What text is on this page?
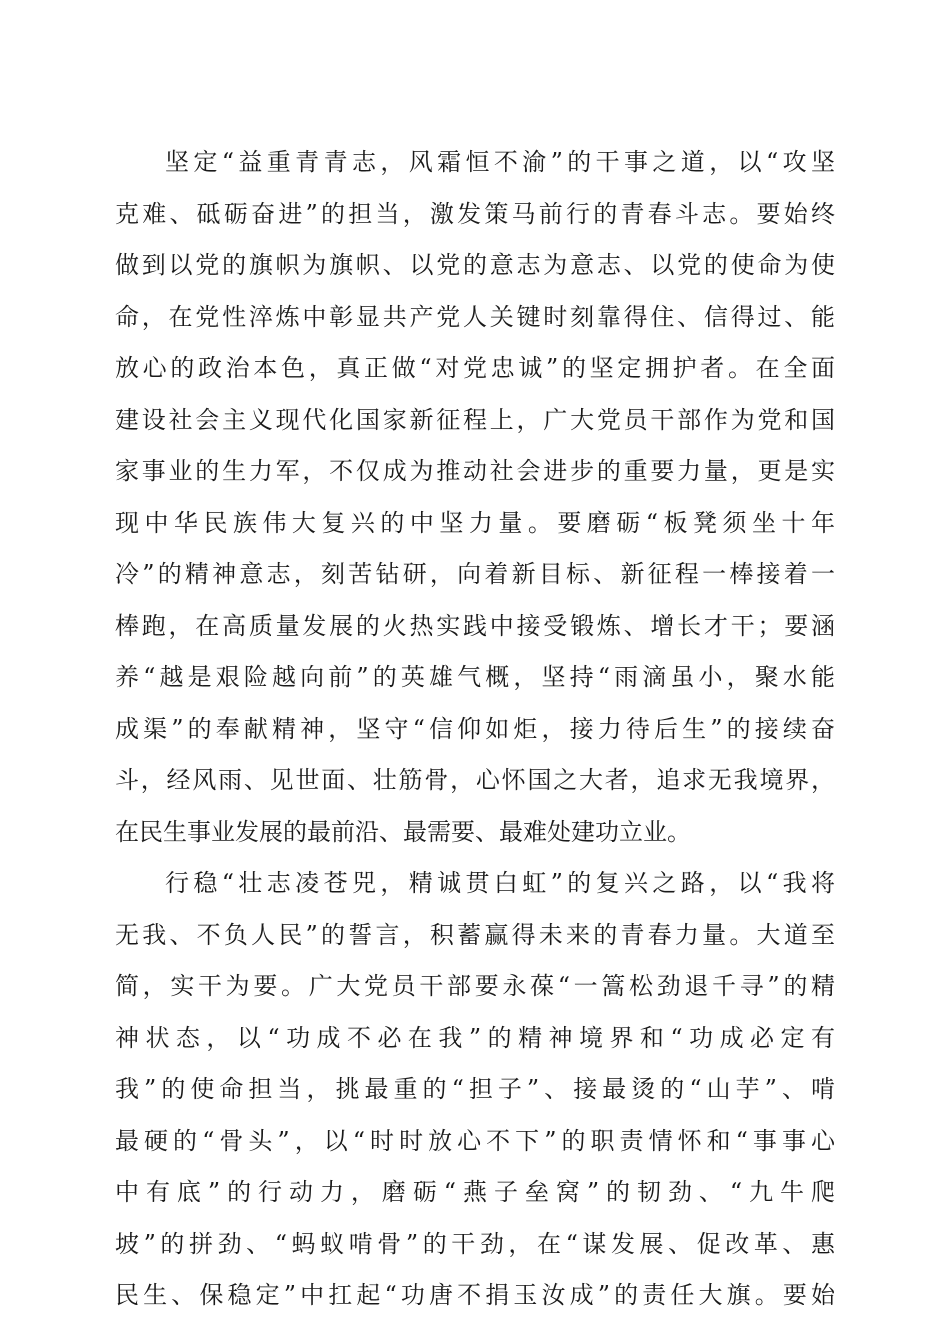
坚定“益重青青志，风霜恒不渝”的干事之道，以“攻坚
克难、砥砺奋进”的担当，激发策马前行的青春斗志。要始终
做到以党的旗帜为旗帜、以党的意志为意志、以党的使命为使
命，在党性淬炼中彰显共产党人关键时刻靠得住、信得过、能
放心的政治本色，真正做“对党忠诚”的坚定拥护者。在全面
建设社会主义现代化国家新征程上，广大党员干部作为党和国
家事业的生力军，不仅成为推动社会进步的重要力量，更是实
现中华民族伟大复兴的中坚力量。要磨砺“板凳须坐十年
冷”的精神意志，刻苦钻研，向着新目标、新征程一棒接着一
棒跑，在高质量发展的火热实践中接受锻炼、增长才干；要涵
养“越是艰险越向前”的英雄气概，坚持“雨滴虽小，聚水能
成渠”的奉献精神，坚守“信仰如炬，接力待后生”的接续奋
斗，经风雨、见世面、壮筋骨，心怀国之大者，追求无我境界，
在民生事业发展的最前沿、最需要、最难处建功立业。
行稳“壮志凌苍兕，精诚贯白虹”的复兴之路，以“我将
无我、不负人民”的誓言，积蓄赢得未来的青春力量。大道至
简，实干为要。广大党员干部要永葆“一篙松劲退千寻”的精
神状态，以“功成不必在我”的精神境界和“功成必定有
我”的使命担当，挑最重的“担子”、接最烫的“山芋”、啃
最硬的“骨头”，以“时时放心不下”的职责情怀和“事事心
中有底”的行动力，磨砺“燕子垒窝”的韧劲、“九牛爬
坡”的拼劲、“蚂蚁啃骨”的干劲，在“谋发展、促改革、惠
民生、保稳定”中扛起“功唐不捐玉汝成”的责任大旗。要始
